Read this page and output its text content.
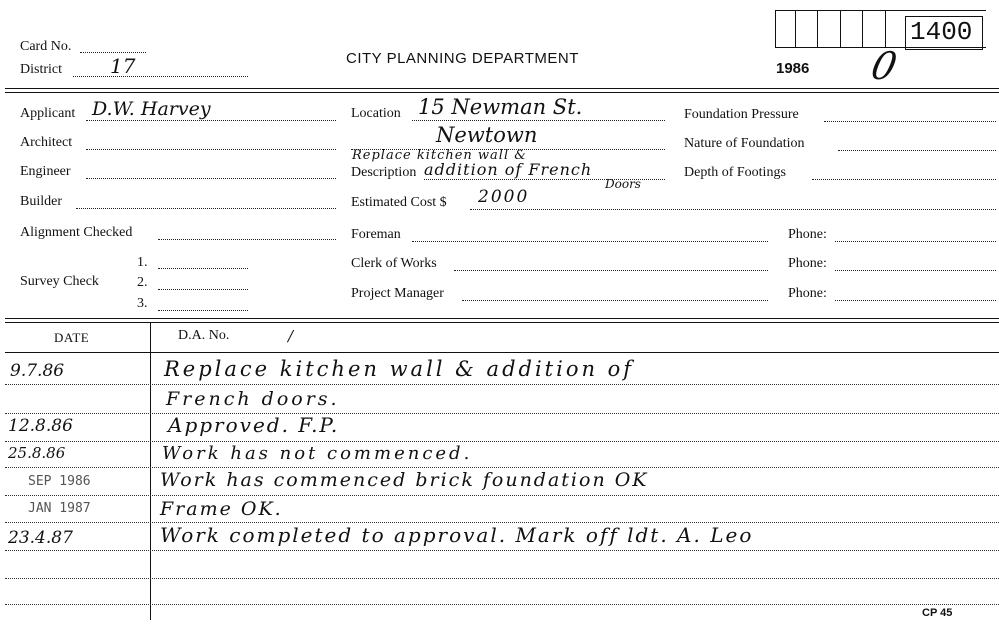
Card No.
District 17	CITY PLANNING DEPARTMENT
1986 0
1400
Applicant D.W. Harvey
Architect
Engineer
Builder
Alignment Checked
Survey Check
1.
2.
3.
Location 15 Newman St.
Newtown
Replace kitchen wall &
Description addition of French
Doors
Estimated Cost $ 2000
Foreman	Phone:
Clerk of Works	Phone:
Project Manager	Phone:
Foundation Pressure
Nature of Foundation
Depth of Footings
DATE	D.A. No.	/
9.7.86	Replace kitchen wall & addition of
French doors.
12.8.86	Approved. F.P.
25.8.86	Work has not commenced.
SEP 1986	Work has commenced brick foundation OK
JAN 1987	Frame OK.
23.4.87	Work completed to approval. Mark off ldt. A. Leo
CP 45
